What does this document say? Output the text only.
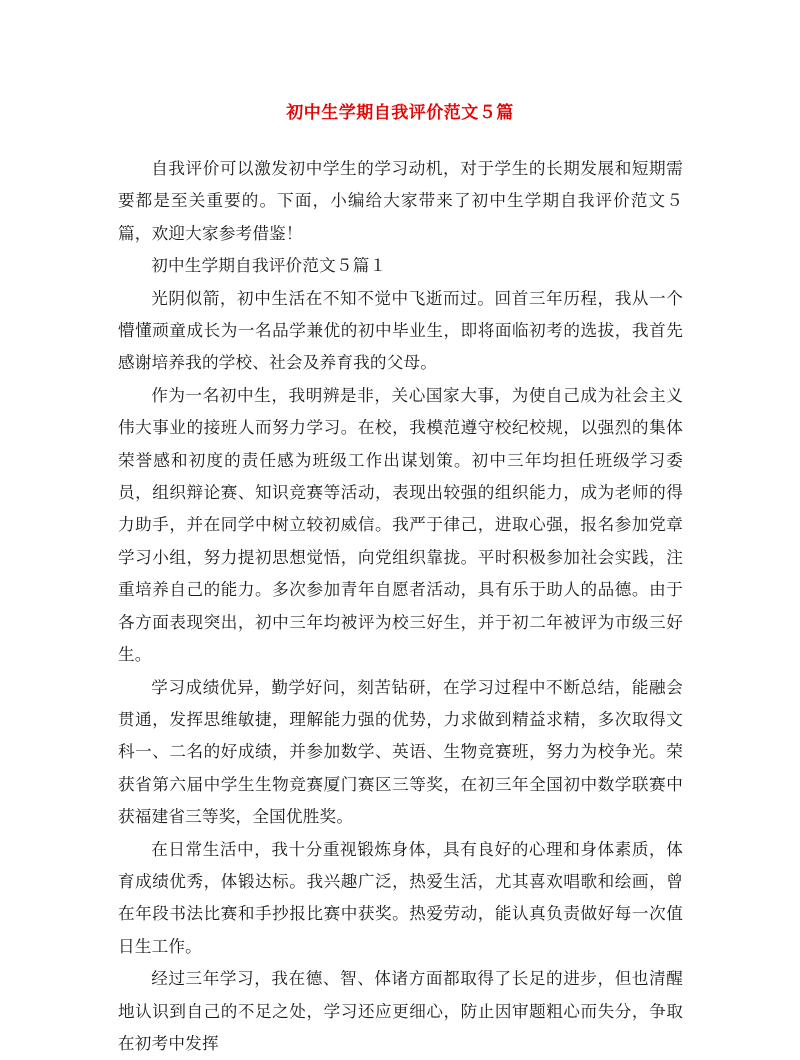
初中生学期自我评价范文５篇

自我评价可以激发初中学生的学习动机，对于学生的长期发展和短期需要都是至关重要的。下面，小编给大家带来了初中生学期自我评价范文５篇，欢迎大家参考借鉴！

初中生学期自我评价范文５篇１

光阴似箭，初中生活在不知不觉中飞逝而过。回首三年历程，我从一个懵懂顽童成长为一名品学兼优的初中毕业生，即将面临初考的选拔，我首先感谢培养我的学校、社会及养育我的父母。

作为一名初中生，我明辨是非，关心国家大事，为使自己成为社会主义伟大事业的接班人而努力学习。在校，我模范遵守校纪校规，以强烈的集体荣誉感和初度的责任感为班级工作出谋划策。初中三年均担任班级学习委员，组织辩论赛、知识竞赛等活动，表现出较强的组织能力，成为老师的得力助手，并在同学中树立较初威信。我严于律己，进取心强，报名参加党章学习小组，努力提初思想觉悟，向党组织靠拢。平时积极参加社会实践，注重培养自己的能力。多次参加青年自愿者活动，具有乐于助人的品德。由于各方面表现突出，初中三年均被评为校三好生，并于初二年被评为市级三好生。

学习成绩优异，勤学好问，刻苦钻研，在学习过程中不断总结，能融会贯通，发挥思维敏捷，理解能力强的优势，力求做到精益求精，多次取得文科一、二名的好成绩，并参加数学、英语、生物竞赛班，努力为校争光。荣获省第六届中学生生物竞赛厦门赛区三等奖，在初三年全国初中数学联赛中获福建省三等奖，全国优胜奖。

在日常生活中，我十分重视锻炼身体，具有良好的心理和身体素质，体育成绩优秀，体锻达标。我兴趣广泛，热爱生活，尤其喜欢唱歌和绘画，曾在年段书法比赛和手抄报比赛中获奖。热爱劳动，能认真负责做好每一次值日生工作。

经过三年学习，我在德、智、体诸方面都取得了长足的进步，但也清醒地认识到自己的不足之处，学习还应更细心，防止因审题粗心而失分，争取在初考中发挥
